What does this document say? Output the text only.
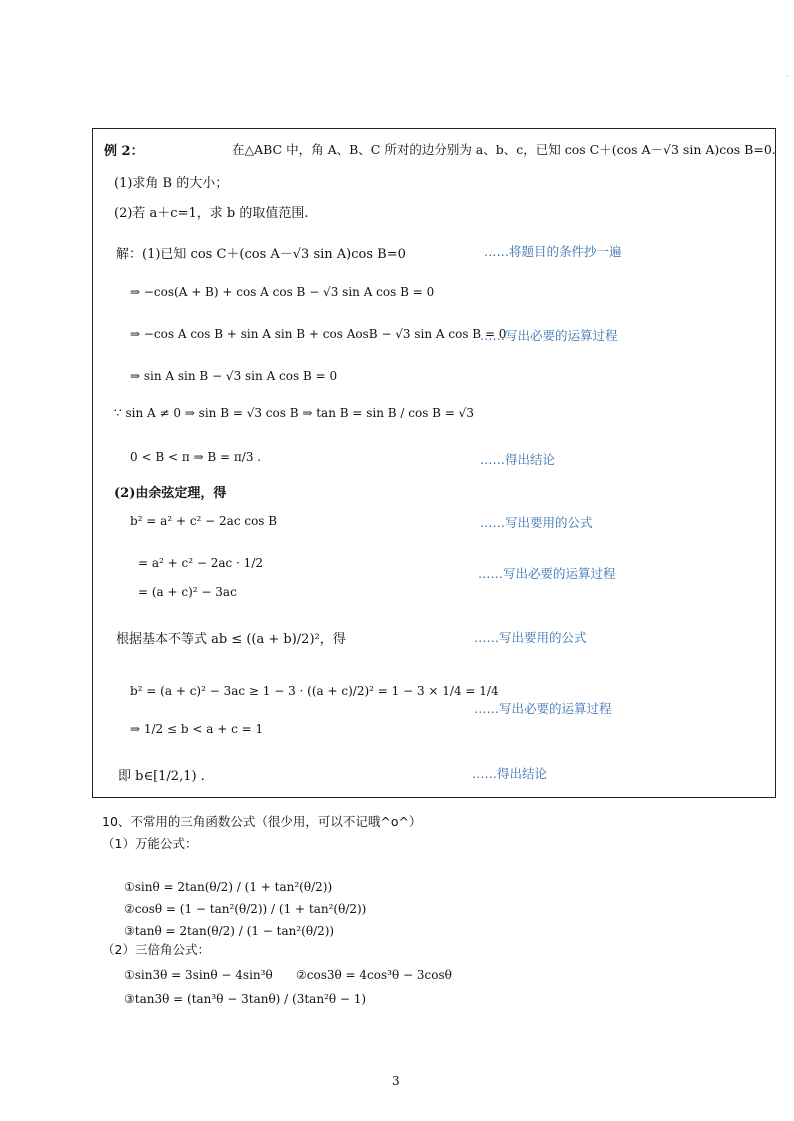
.
例 2：	在△ABC 中，角 A、B、C 所对的边分别为 a、b、c，已知 cos C＋(cos A－√3 sin A)cos B=0.
(1)求角 B 的大小；
(2)若 a＋c=1，求 b 的取值范围.
解：(1)已知 cos C＋(cos A－√3 sin A)cos B=0	……将题目的条件抄一遍
⇒ −cos(A + B) + cos A cos B − √3 sin A cos B = 0
⇒ −cos A cos B + sin A sin B + cos AosB − √3 sin A cos B = 0
……写出必要的运算过程
⇒ sin A sin B − √3 sin A cos B = 0
∵ sin A ≠ 0 ⇒ sin B = √3 cos B ⇒ tan B = sin B / cos B = √3
0 < B < π ⇒ B = π/3 .	……得出结论
(2)由余弦定理，得
b² = a² + c² − 2ac cos B	……写出要用的公式
= a² + c² − 2ac · 1/2
……写出必要的运算过程
= (a + c)² − 3ac
根据基本不等式 ab ≤ ((a + b)/2)²，得	……写出要用的公式
b² = (a + c)² − 3ac ≥ 1 − 3 · ((a + c)/2)² = 1 − 3 × 1/4 = 1/4
……写出必要的运算过程
⇒ 1/2 ≤ b < a + c = 1
即 b∈[1/2,1) .	……得出结论
10、不常用的三角函数公式（很少用，可以不记哦^o^）
（1）万能公式：
①sinθ = 2tan(θ/2) / (1 + tan²(θ/2))
②cosθ = (1 − tan²(θ/2)) / (1 + tan²(θ/2))
③tanθ = 2tan(θ/2) / (1 − tan²(θ/2))
（2）三倍角公式：
①sin3θ = 3sinθ − 4sin³θ ②cos3θ = 4cos³θ − 3cosθ
③tan3θ = (tan³θ − 3tanθ) / (3tan²θ − 1)
3
